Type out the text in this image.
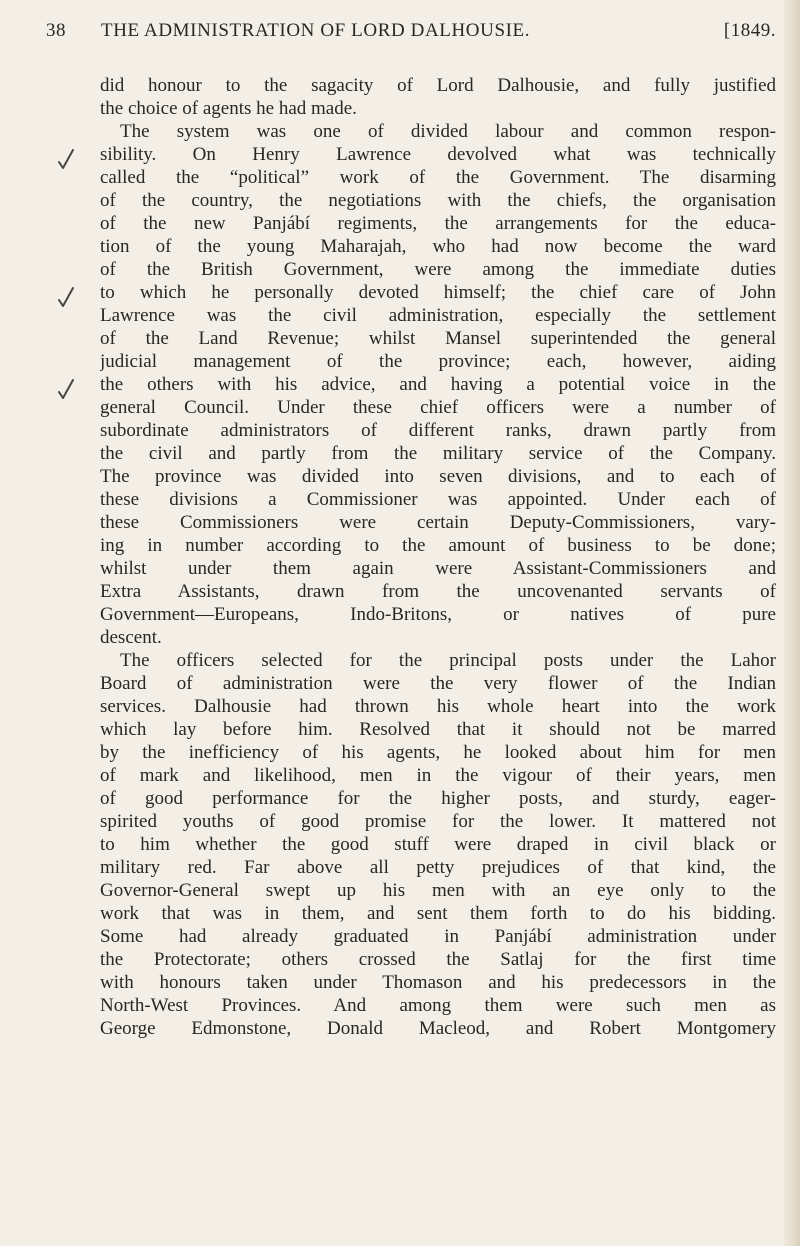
38 THE ADMINISTRATION OF LORD DALHOUSIE.	[1849.
did honour to the sagacity of Lord Dalhousie, and fully justified
the choice of agents he had made.
The system was one of divided labour and common respon-
sibility. On Henry Lawrence devolved what was technically
called the “political” work of the Government. The disarming
of the country, the negotiations with the chiefs, the organisation
of the new Panjábí regiments, the arrangements for the educa-
tion of the young Maharajah, who had now become the ward
of the British Government, were among the immediate duties
to which he personally devoted himself; the chief care of John
Lawrence was the civil administration, especially the settlement
of the Land Revenue; whilst Mansel superintended the general
judicial management of the province; each, however, aiding
the others with his advice, and having a potential voice in the
general Council. Under these chief officers were a number of
subordinate administrators of different ranks, drawn partly from
the civil and partly from the military service of the Company.
The province was divided into seven divisions, and to each of
these divisions a Commissioner was appointed. Under each of
these Commissioners were certain Deputy-Commissioners, vary-
ing in number according to the amount of business to be done;
whilst under them again were Assistant-Commissioners and
Extra Assistants, drawn from the uncovenanted servants of
Government—Europeans, Indo-Britons, or natives of pure
descent.
The officers selected for the principal posts under the Lahor
Board of administration were the very flower of the Indian
services. Dalhousie had thrown his whole heart into the work
which lay before him. Resolved that it should not be marred
by the inefficiency of his agents, he looked about him for men
of mark and likelihood, men in the vigour of their years, men
of good performance for the higher posts, and sturdy, eager-
spirited youths of good promise for the lower. It mattered not
to him whether the good stuff were draped in civil black or
military red. Far above all petty prejudices of that kind, the
Governor-General swept up his men with an eye only to the
work that was in them, and sent them forth to do his bidding.
Some had already graduated in Panjábí administration under
the Protectorate; others crossed the Satlaj for the first time
with honours taken under Thomason and his predecessors in the
North-West Provinces. And among them were such men as
George Edmonstone, Donald Macleod, and Robert Montgomery
